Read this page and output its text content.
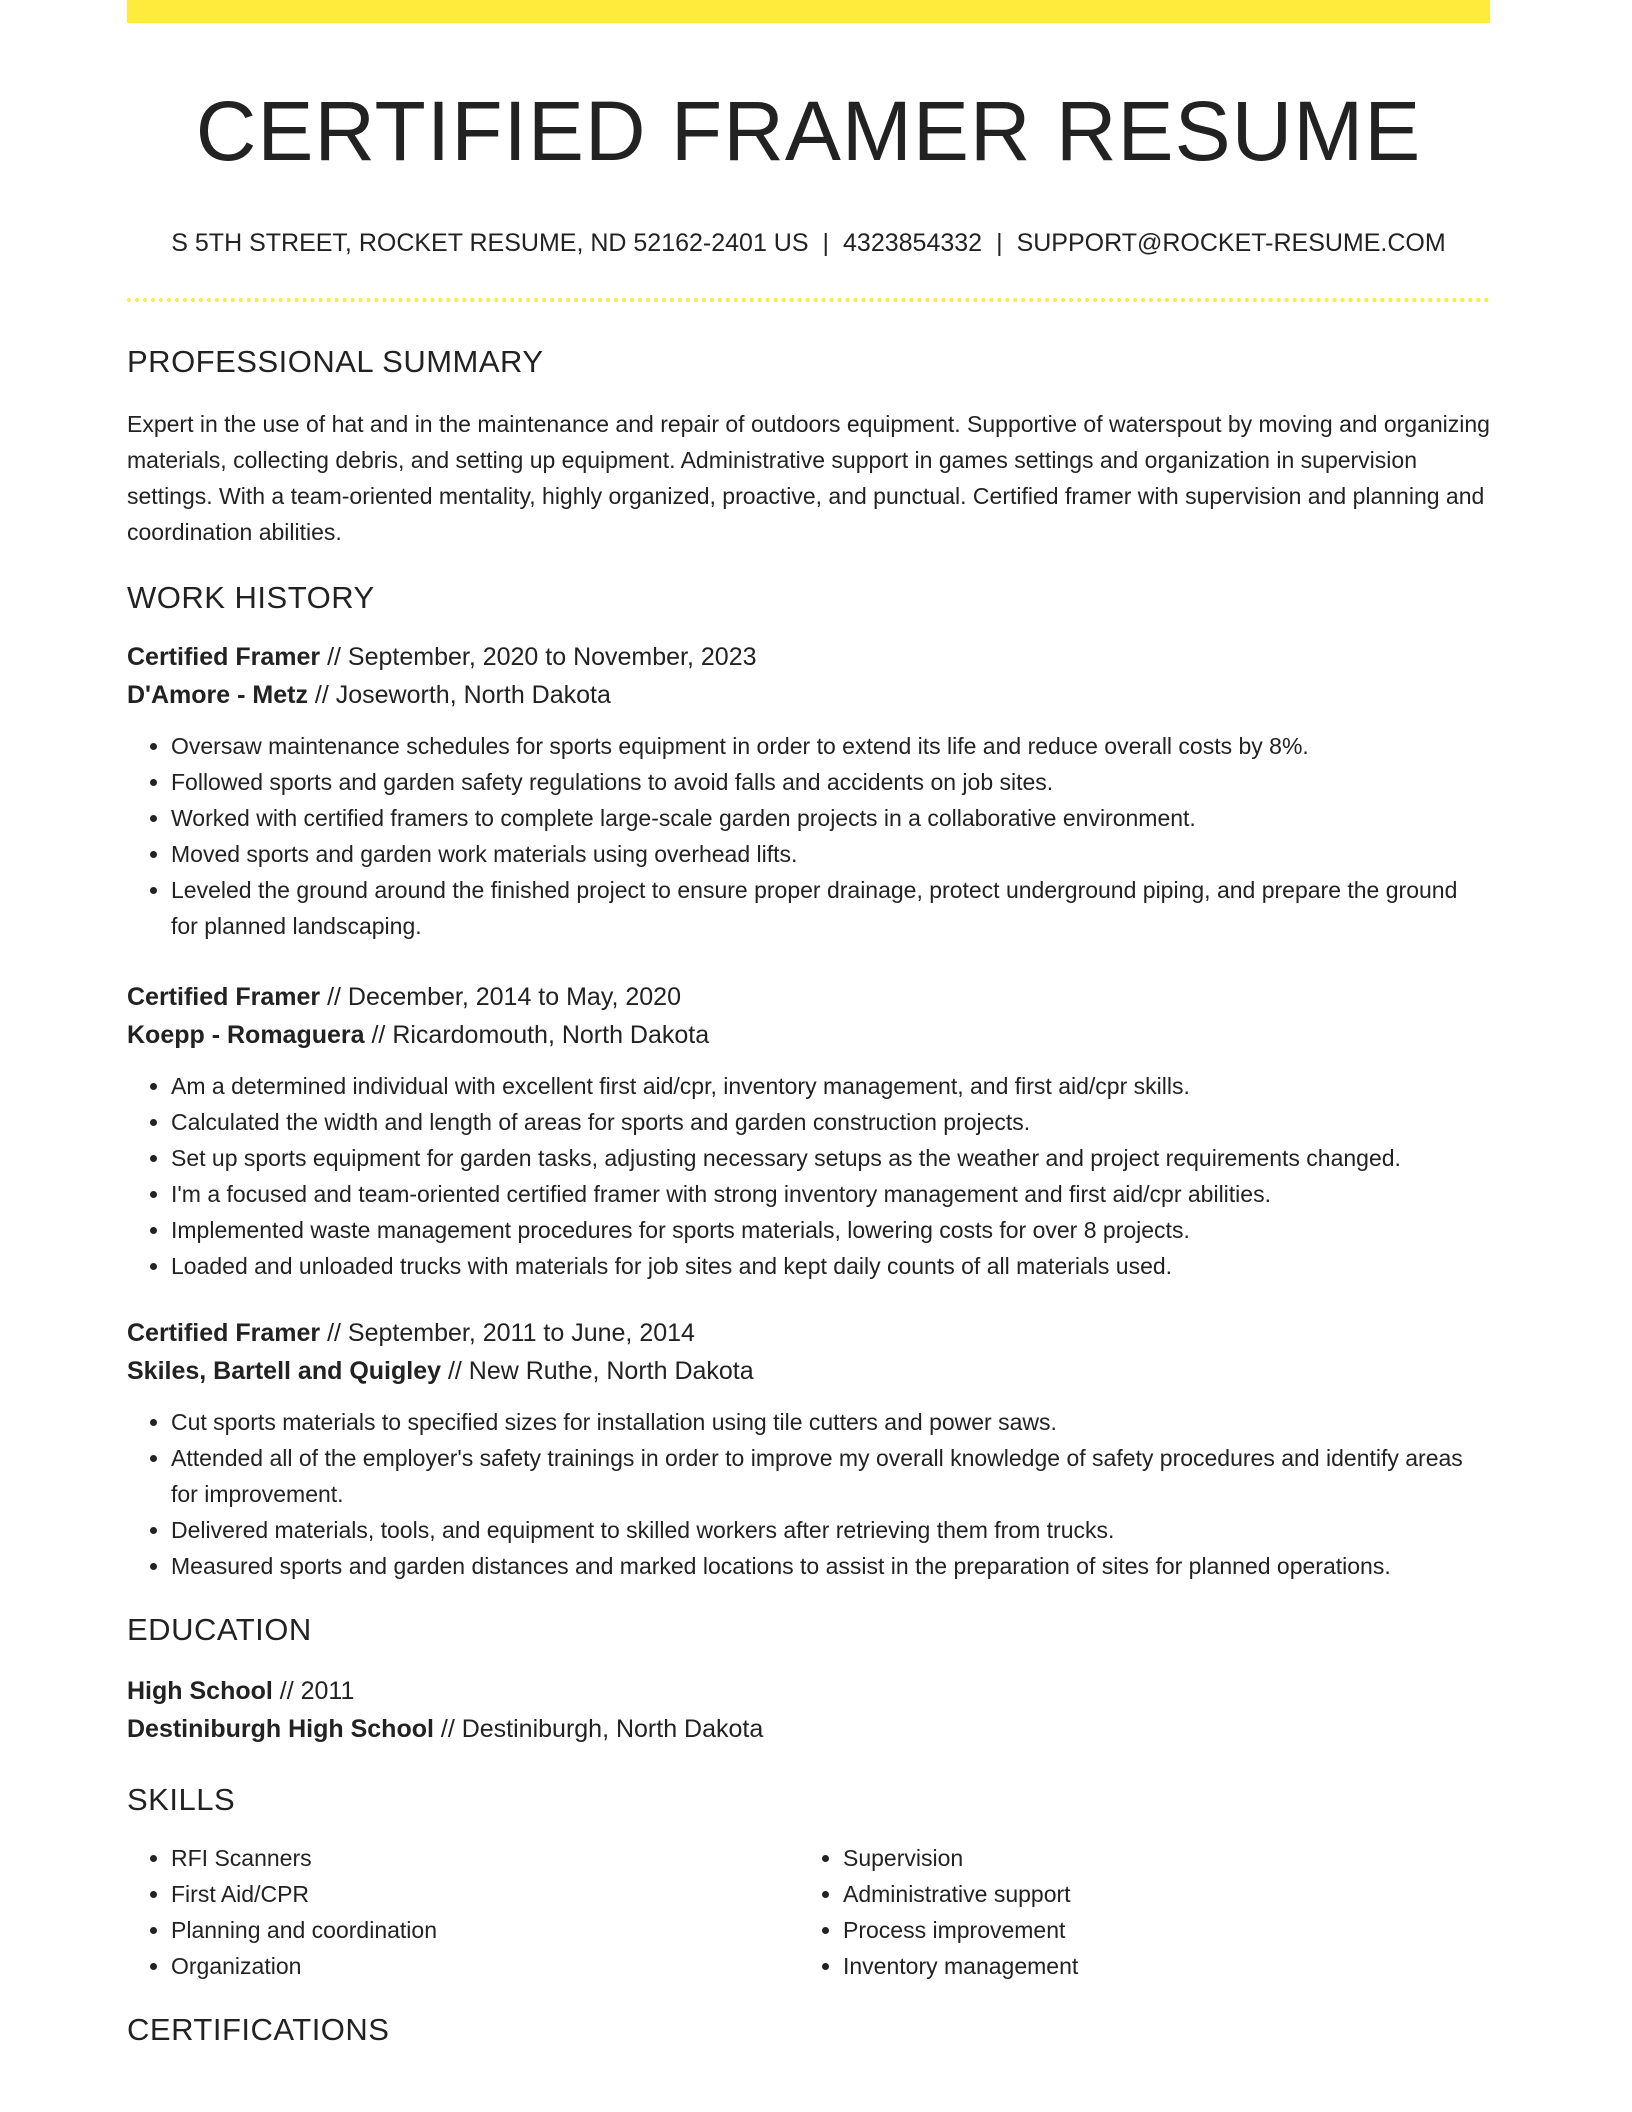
CERTIFIED FRAMER RESUME
S 5TH STREET, ROCKET RESUME, ND 52162-2401 US | 4323854332 | SUPPORT@ROCKET-RESUME.COM
PROFESSIONAL SUMMARY

Expert in the use of hat and in the maintenance and repair of outdoors equipment. Supportive of waterspout by moving and organizing materials, collecting debris, and setting up equipment. Administrative support in games settings and organization in supervision settings. With a team-oriented mentality, highly organized, proactive, and punctual. Certified framer with supervision and planning and coordination abilities.

WORK HISTORY
Certified Framer // September, 2020 to November, 2023
D'Amore - Metz // Joseworth, North Dakota
• Oversaw maintenance schedules for sports equipment in order to extend its life and reduce overall costs by 8%.
• Followed sports and garden safety regulations to avoid falls and accidents on job sites.
• Worked with certified framers to complete large-scale garden projects in a collaborative environment.
• Moved sports and garden work materials using overhead lifts.
• Leveled the ground around the finished project to ensure proper drainage, protect underground piping, and prepare the ground for planned landscaping.
Certified Framer // December, 2014 to May, 2020
Koepp - Romaguera // Ricardomouth, North Dakota
• Am a determined individual with excellent first aid/cpr, inventory management, and first aid/cpr skills.
• Calculated the width and length of areas for sports and garden construction projects.
• Set up sports equipment for garden tasks, adjusting necessary setups as the weather and project requirements changed.
• I'm a focused and team-oriented certified framer with strong inventory management and first aid/cpr abilities.
• Implemented waste management procedures for sports materials, lowering costs for over 8 projects.
• Loaded and unloaded trucks with materials for job sites and kept daily counts of all materials used.
Certified Framer // September, 2011 to June, 2014
Skiles, Bartell and Quigley // New Ruthe, North Dakota
• Cut sports materials to specified sizes for installation using tile cutters and power saws.
• Attended all of the employer's safety trainings in order to improve my overall knowledge of safety procedures and identify areas for improvement.
• Delivered materials, tools, and equipment to skilled workers after retrieving them from trucks.
• Measured sports and garden distances and marked locations to assist in the preparation of sites for planned operations.
EDUCATION
High School // 2011
Destiniburgh High School // Destiniburgh, North Dakota
SKILLS
• RFI Scanners
• First Aid/CPR
• Planning and coordination
• Organization
• Supervision
• Administrative support
• Process improvement
• Inventory management
CERTIFICATIONS
